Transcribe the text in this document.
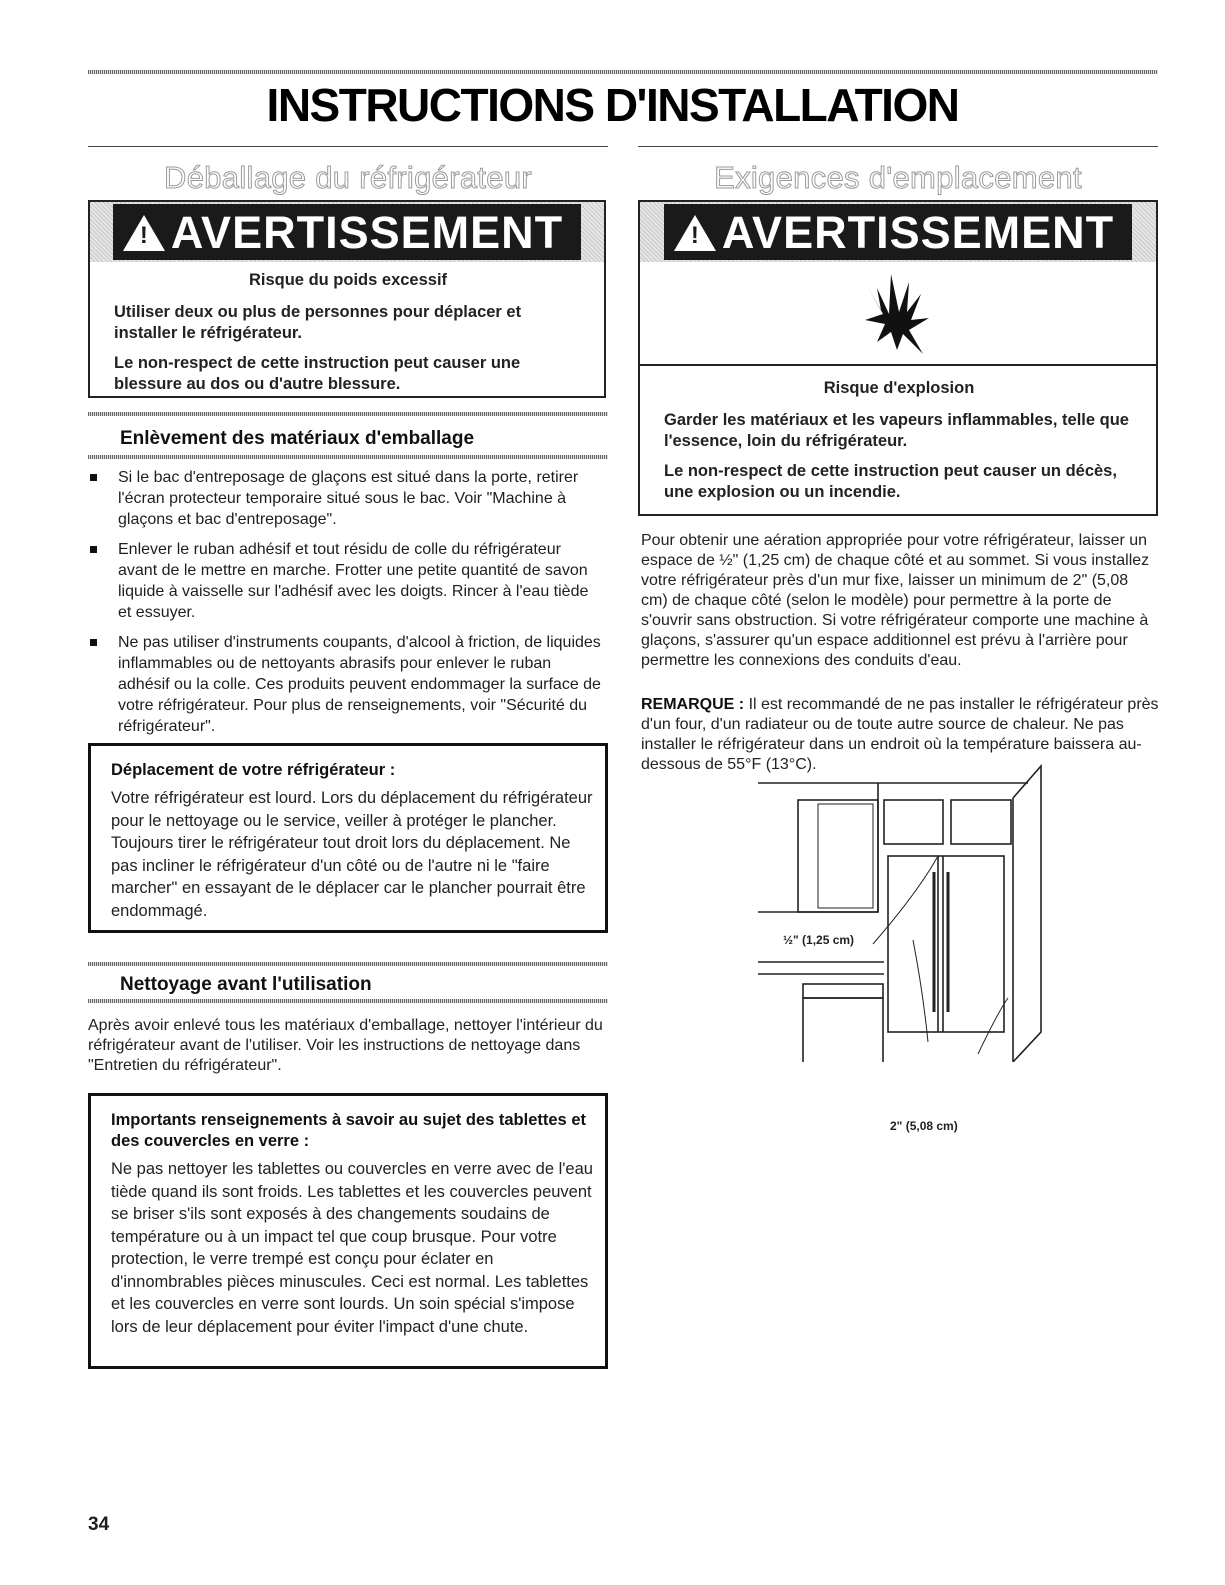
INSTRUCTIONS D'INSTALLATION
Déballage du réfrigérateur	Exigences d'emplacement
!
AVERTISSEMENT

Risque du poids excessif

Utiliser deux ou plus de personnes pour déplacer et installer le réfrigérateur.

Le non-respect de cette instruction peut causer une blessure au dos ou d'autre blessure.

Enlèvement des matériaux d'emballage
Si le bac d'entreposage de glaçons est situé dans la porte, retirer l'écran protecteur temporaire situé sous le bac. Voir "Machine à glaçons et bac d'entreposage".
Enlever le ruban adhésif et tout résidu de colle du réfrigérateur avant de le mettre en marche. Frotter une petite quantité de savon liquide à vaisselle sur l'adhésif avec les doigts. Rincer à l'eau tiède et essuyer.
Ne pas utiliser d'instruments coupants, d'alcool à friction, de liquides inflammables ou de nettoyants abrasifs pour enlever le ruban adhésif ou la colle. Ces produits peuvent endommager la surface de votre réfrigérateur. Pour plus de renseignements, voir "Sécurité du réfrigérateur".

Déplacement de votre réfrigérateur :

Votre réfrigérateur est lourd. Lors du déplacement du réfrigérateur pour le nettoyage ou le service, veiller à protéger le plancher. Toujours tirer le réfrigérateur tout droit lors du déplacement. Ne pas incliner le réfrigérateur d'un côté ou de l'autre ni le "faire marcher" en essayant de le déplacer car le plancher pourrait être endommagé.

Nettoyage avant l'utilisation

Après avoir enlevé tous les matériaux d'emballage, nettoyer l'intérieur du réfrigérateur avant de l'utiliser. Voir les instructions de nettoyage dans "Entretien du réfrigérateur".

Importants renseignements à savoir au sujet des tablettes et des couvercles en verre :

Ne pas nettoyer les tablettes ou couvercles en verre avec de l'eau tiède quand ils sont froids. Les tablettes et les couvercles peuvent se briser s'ils sont exposés à des changements soudains de température ou à un impact tel que coup brusque. Pour votre protection, le verre trempé est conçu pour éclater en d'innombrables pièces minuscules. Ceci est normal. Les tablettes et les couvercles en verre sont lourds. Un soin spécial s'impose lors de leur déplacement pour éviter l'impact d'une chute.

!
AVERTISSEMENT

Risque d'explosion

Garder les matériaux et les vapeurs inflammables, telle que l'essence, loin du réfrigérateur.

Le non-respect de cette instruction peut causer un décès, une explosion ou un incendie.

Pour obtenir une aération appropriée pour votre réfrigérateur, laisser un espace de ½" (1,25 cm) de chaque côté et au sommet. Si vous installez votre réfrigérateur près d'un mur fixe, laisser un minimum de 2" (5,08 cm) de chaque côté (selon le modèle) pour permettre à la porte de s'ouvrir sans obstruction. Si votre réfrigérateur comporte une machine à glaçons, s'assurer qu'un espace additionnel est prévu à l'arrière pour permettre les connexions des conduits d'eau.

REMARQUE : Il est recommandé de ne pas installer le réfrigérateur près d'un four, d'un radiateur ou de toute autre source de chaleur. Ne pas installer le réfrigérateur dans un endroit où la température baissera au-dessous de 55°F (13°C).

½" (1,25 cm)
2" (5,08 cm)

34
